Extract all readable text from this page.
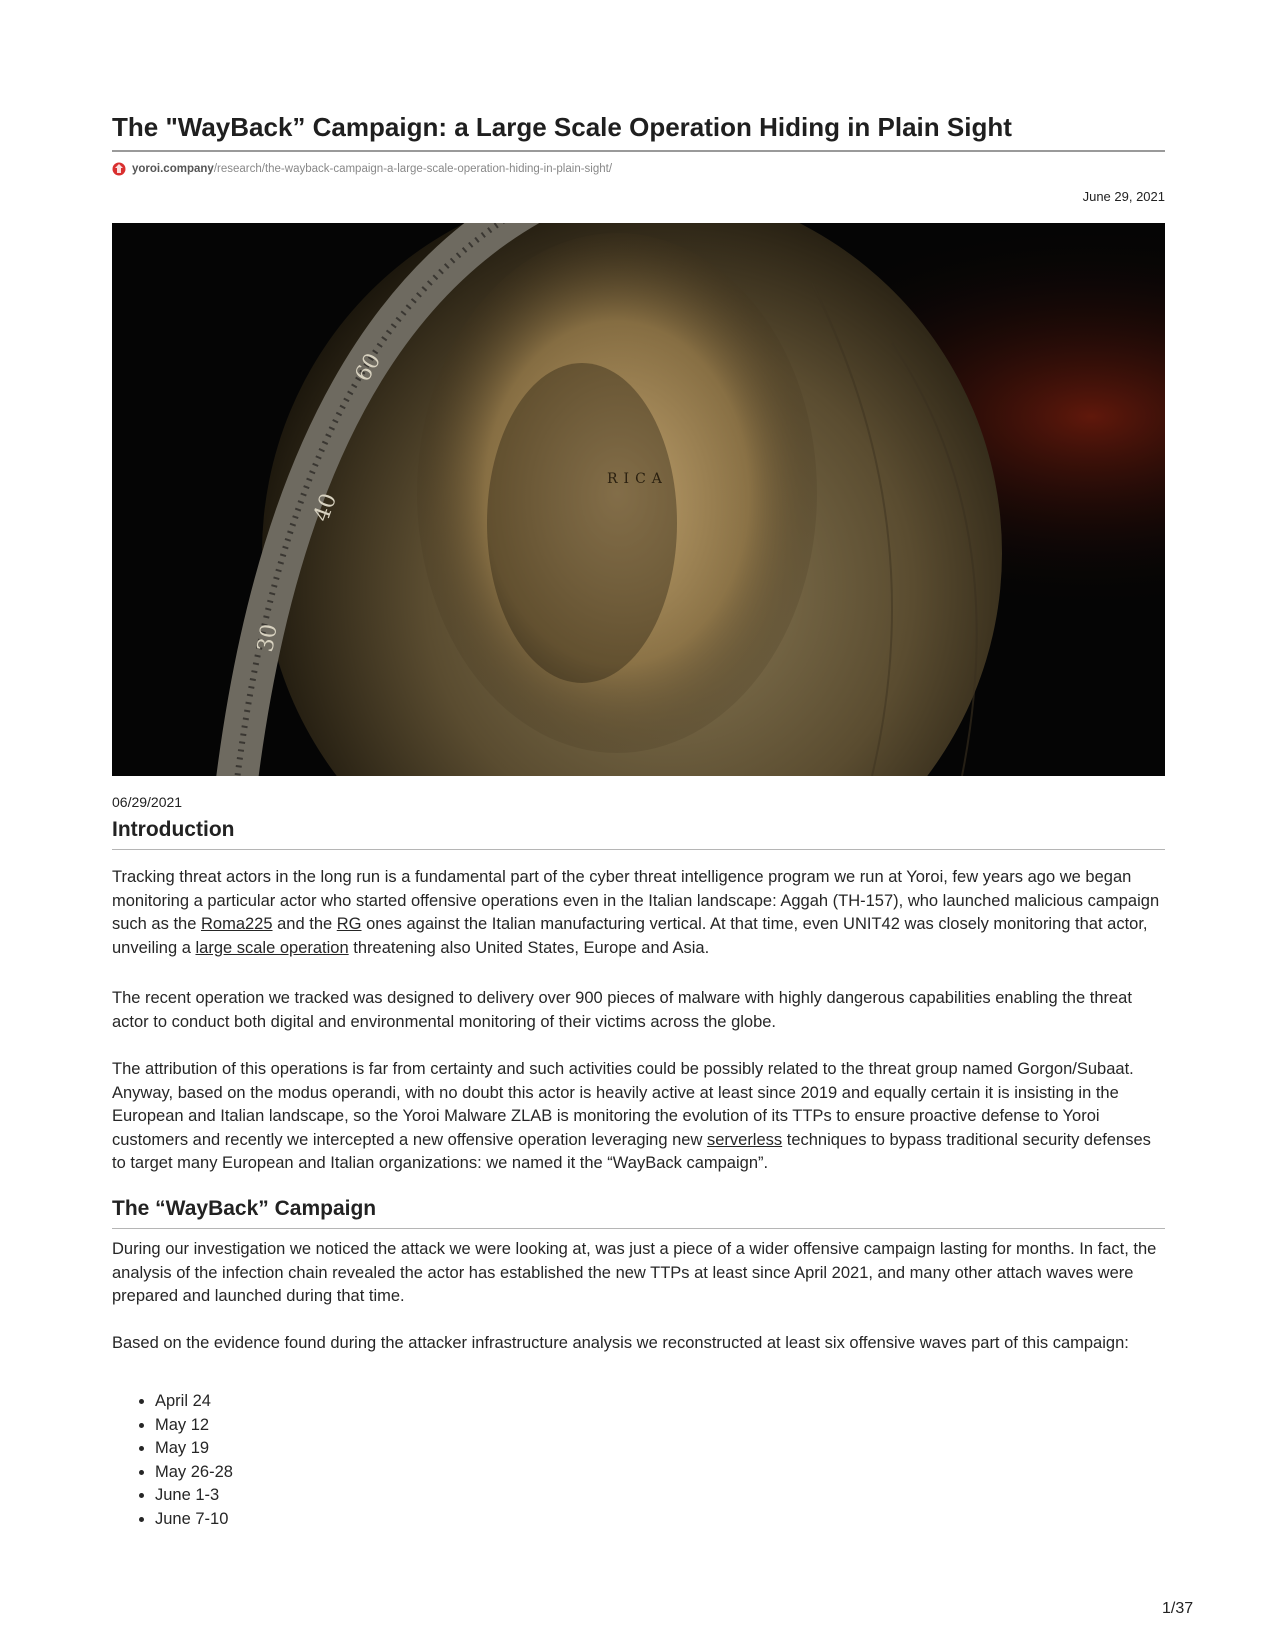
The "WayBack” Campaign: a Large Scale Operation Hiding in Plain Sight
yoroi.company /research/the-wayback-campaign-a-large-scale-operation-hiding-in-plain-sight/
June 29, 2021
40
30
60
RICA
06/29/2021
Introduction

Tracking threat actors in the long run is a fundamental part of the cyber threat intelligence program we run at Yoroi, few years ago we began monitoring a particular actor who started offensive operations even in the Italian landscape: Aggah (TH-157), who launched malicious campaign such as the Roma225 and the RG ones against the Italian manufacturing vertical. At that time, even UNIT42 was closely monitoring that actor, unveiling a large scale operation threatening also United States, Europe and Asia.

The recent operation we tracked was designed to delivery over 900 pieces of malware with highly dangerous capabilities enabling the threat actor to conduct both digital and environmental monitoring of their victims across the globe.

The attribution of this operations is far from certainty and such activities could be possibly related to the threat group named Gorgon/Subaat. Anyway, based on the modus operandi, with no doubt this actor is heavily active at least since 2019 and equally certain it is insisting in the European and Italian landscape, so the Yoroi Malware ZLAB is monitoring the evolution of its TTPs to ensure proactive defense to Yoroi customers and recently we intercepted a new offensive operation leveraging new serverless techniques to bypass traditional security defenses to target many European and Italian organizations: we named it the “WayBack campaign”.

The “WayBack” Campaign

During our investigation we noticed the attack we were looking at, was just a piece of a wider offensive campaign lasting for months. In fact, the analysis of the infection chain revealed the actor has established the new TTPs at least since April 2021, and many other attach waves were prepared and launched during that time.

Based on the evidence found during the attacker infrastructure analysis we reconstructed at least six offensive waves part of this campaign:

• April 24
• May 12
• May 19
• May 26-28
• June 1-3
• June 7-10
1/37
